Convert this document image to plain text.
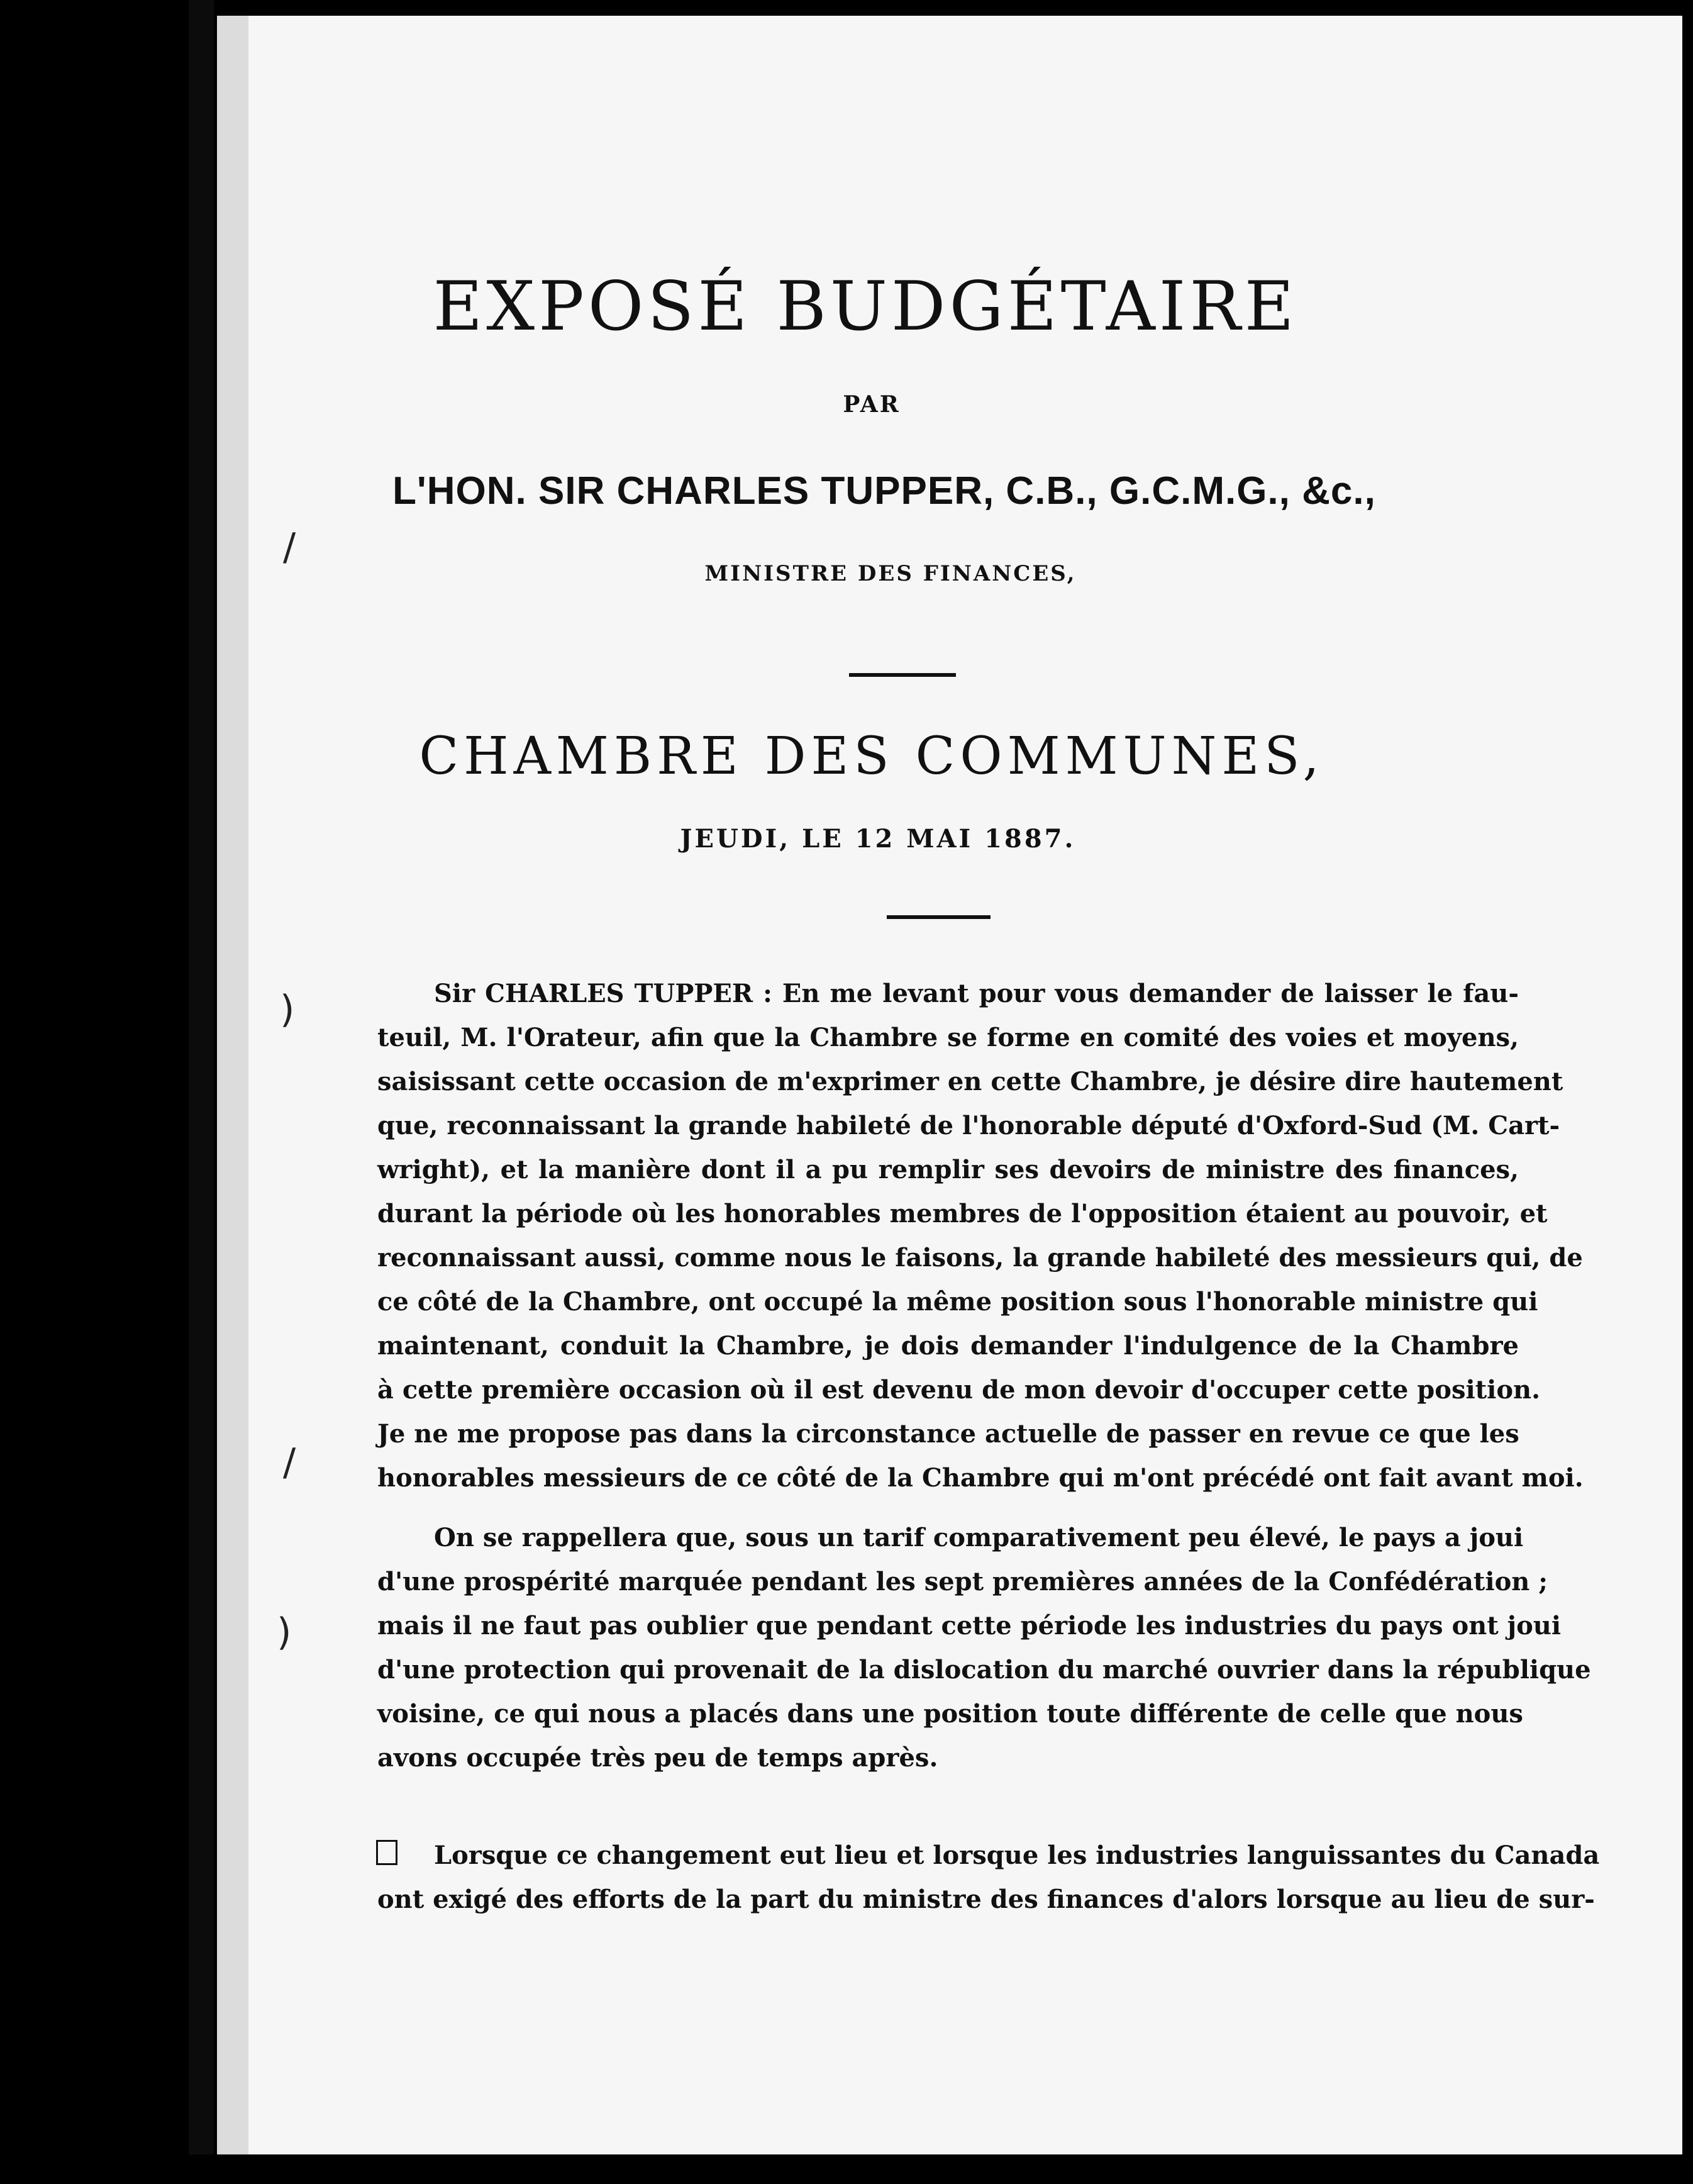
EXPOSÉ BUDGÉTAIRE
PAR
L'HON. SIR CHARLES TUPPER, C.B., G.C.M.G., &c.,
MINISTRE DES FINANCES,
CHAMBRE DES COMMUNES,
JEUDI, LE 12 MAI 1887.
/
)
/
)
Sir CHARLES TUPPER : En me levant pour vous demander de laisser le fau-
teuil, M. l'Orateur, afin que la Chambre se forme en comité des voies et moyens,
saisissant cette occasion de m'exprimer en cette Chambre, je désire dire hautement
que, reconnaissant la grande habileté de l'honorable député d'Oxford-Sud (M. Cart-
wright), et la manière dont il a pu remplir ses devoirs de ministre des finances,
durant la période où les honorables membres de l'opposition étaient au pouvoir, et
reconnaissant aussi, comme nous le faisons, la grande habileté des messieurs qui, de
ce côté de la Chambre, ont occupé la même position sous l'honorable ministre qui
maintenant, conduit la Chambre, je dois demander l'indulgence de la Chambre
à cette première occasion où il est devenu de mon devoir d'occuper cette position.
Je ne me propose pas dans la circonstance actuelle de passer en revue ce que les
honorables messieurs de ce côté de la Chambre qui m'ont précédé ont fait avant moi.
On se rappellera que, sous un tarif comparativement peu élevé, le pays a joui
d'une prospérité marquée pendant les sept premières années de la Confédération ;
mais il ne faut pas oublier que pendant cette période les industries du pays ont joui
d'une protection qui provenait de la dislocation du marché ouvrier dans la république
voisine, ce qui nous a placés dans une position toute différente de celle que nous
avons occupée très peu de temps après.
Lorsque ce changement eut lieu et lorsque les industries languissantes du Canada
ont exigé des efforts de la part du ministre des finances d'alors lorsque au lieu de sur-
